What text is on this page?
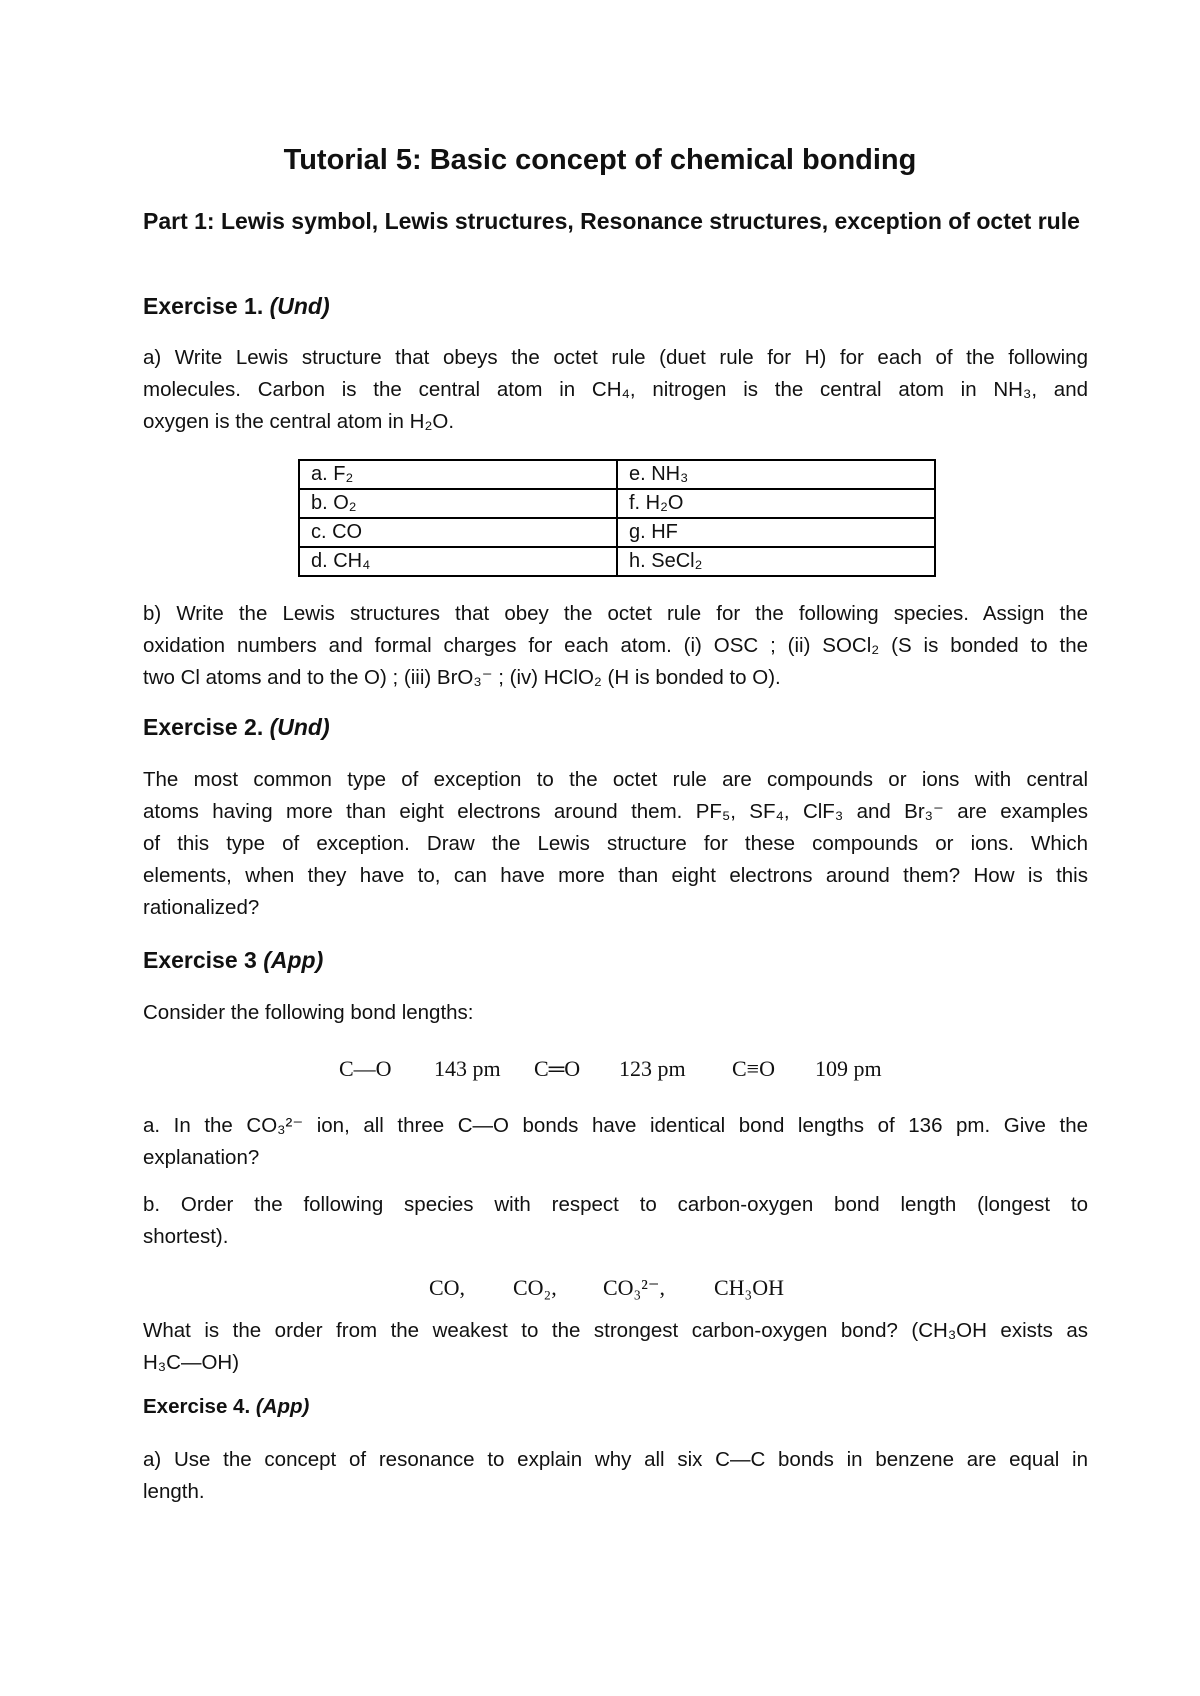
Tutorial 5: Basic concept of chemical bonding
Part 1: Lewis symbol, Lewis structures, Resonance structures, exception of octet rule
Exercise 1. (Und)
a) Write Lewis structure that obeys the octet rule (duet rule for H) for each of the following
molecules. Carbon is the central atom in CH₄, nitrogen is the central atom in NH₃, and
oxygen is the central atom in H₂O.
a. F₂	e. NH₃
b. O₂	f. H₂O
c. CO	g. HF
d. CH₄	h. SeCl₂
b) Write the Lewis structures that obey the octet rule for the following species. Assign the
oxidation numbers and formal charges for each atom. (i) OSC ; (ii) SOCl₂ (S is bonded to the
two Cl atoms and to the O) ; (iii) BrO₃⁻ ; (iv) HClO₂ (H is bonded to O).
Exercise 2. (Und)
The most common type of exception to the octet rule are compounds or ions with central
atoms having more than eight electrons around them. PF₅, SF₄, ClF₃ and Br₃⁻ are examples
of this type of exception. Draw the Lewis structure for these compounds or ions. Which
elements, when they have to, can have more than eight electrons around them? How is this
rationalized?
Exercise 3 (App)
Consider the following bond lengths:
C—O 143 pm C═O 123 pm C≡O 109 pm
a. In the CO₃²⁻ ion, all three C—O bonds have identical bond lengths of 136 pm. Give the
explanation?
b. Order the following species with respect to carbon-oxygen bond length (longest to
shortest).
CO, CO₂, CO₃²⁻, CH₃OH
What is the order from the weakest to the strongest carbon-oxygen bond? (CH₃OH exists as
H₃C—OH)
Exercise 4. (App)
a) Use the concept of resonance to explain why all six C—C bonds in benzene are equal in
length.
